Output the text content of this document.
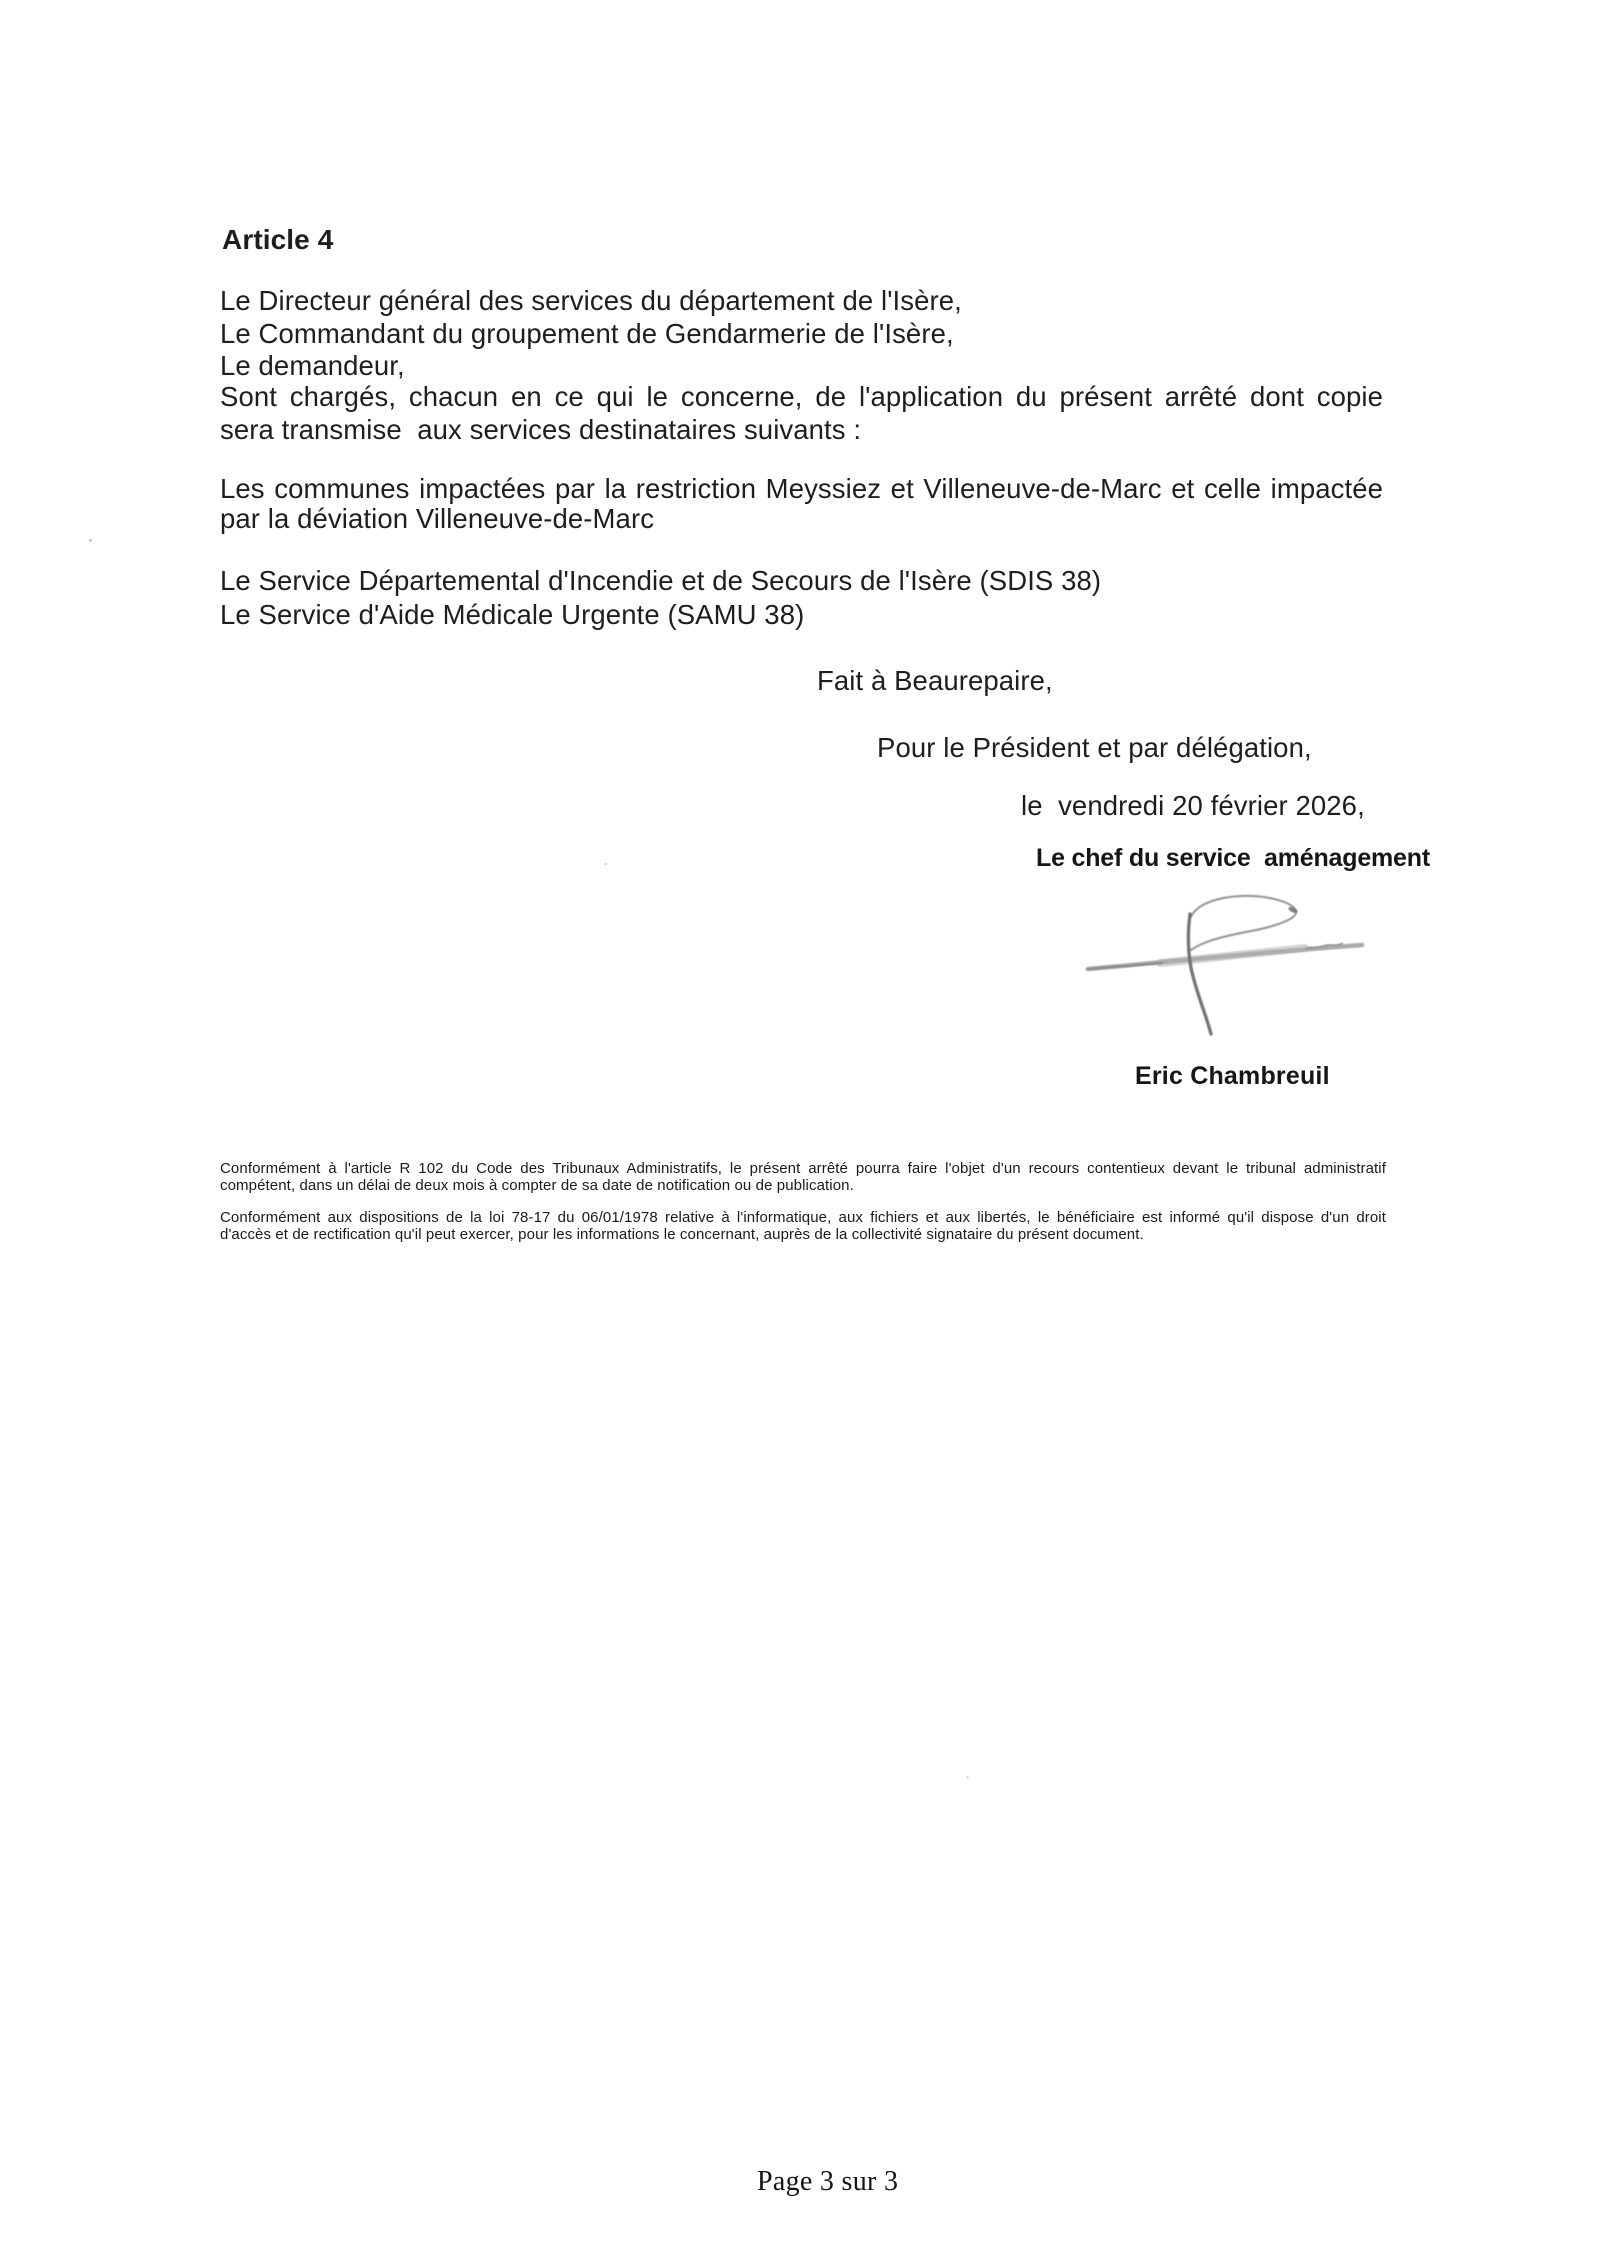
Article 4
Le Directeur général des services du département de l'Isère,
Le Commandant du groupement de Gendarmerie de l'Isère,
Le demandeur,
Sont chargés, chacun en ce qui le concerne, de l'application du présent arrêté dont copie
sera transmise  aux services destinataires suivants :
Les communes impactées par la restriction Meyssiez et Villeneuve-de-Marc et celle impactée
par la déviation Villeneuve-de-Marc
Le Service Départemental d'Incendie et de Secours de l'Isère (SDIS 38)
Le Service d'Aide Médicale Urgente (SAMU 38)
Fait à Beaurepaire,
Pour le Président et par délégation,
le  vendredi 20 février 2026,
Le chef du service  aménagement
Eric Chambreuil
Conformément à l'article R 102 du Code des Tribunaux Administratifs, le présent arrêté pourra faire l'objet d'un recours contentieux devant le tribunal administratif
compétent, dans un délai de deux mois à compter de sa date de notification ou de publication.
Conformément aux dispositions de la loi 78-17 du 06/01/1978 relative à l'informatique, aux fichiers et aux libertés, le bénéficiaire est informé qu'il dispose d'un droit
d'accès et de rectification qu'il peut exercer, pour les informations le concernant, auprès de la collectivité signataire du présent document.
Page 3 sur 3
